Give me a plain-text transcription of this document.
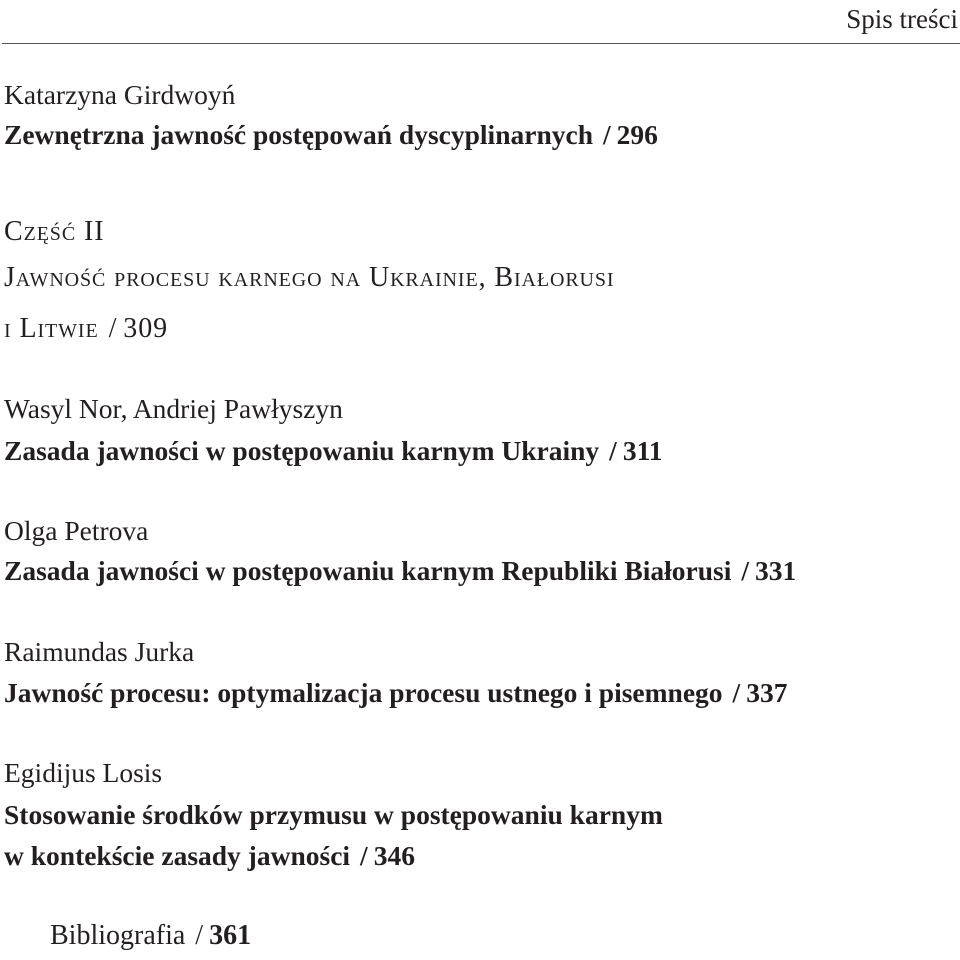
Spis treści
Katarzyna Girdwoyń
Zewnętrzna jawność postępowań dyscyplinarnych / 296
Część II
Jawność procesu karnego na Ukrainie, Białorusi
i Litwie / 309
Wasyl Nor, Andriej Pawłyszyn
Zasada jawności w postępowaniu karnym Ukrainy / 311
Olga Petrova
Zasada jawności w postępowaniu karnym Republiki Białorusi / 331
Raimundas Jurka
Jawność procesu: optymalizacja procesu ustnego i pisemnego / 337
Egidijus Losis
Stosowanie środków przymusu w postępowaniu karnym
w kontekście zasady jawności / 346
Bibliografia / 361
